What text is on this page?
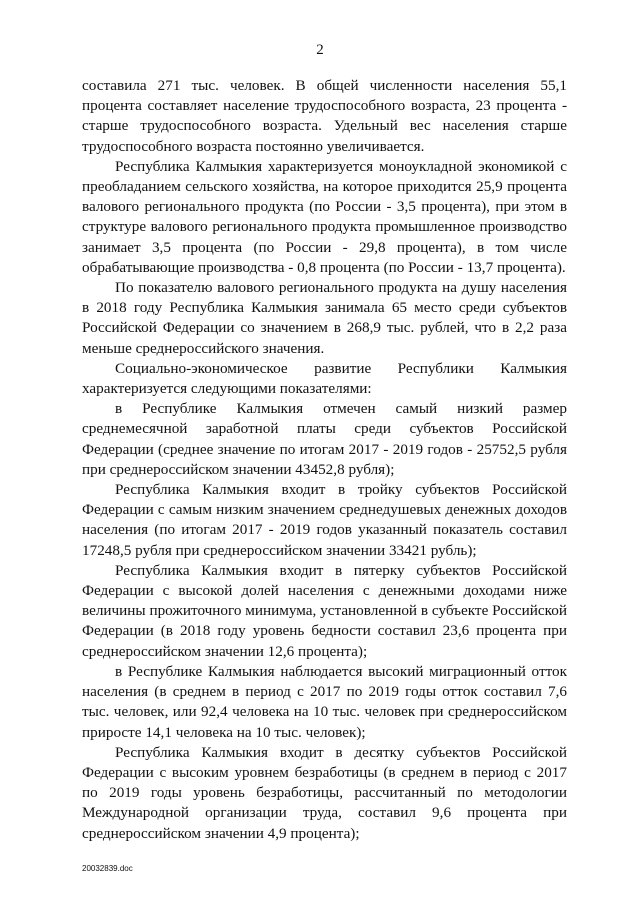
2

составила 271 тыс. человек. В общей численности населения 55,1 процента составляет население трудоспособного возраста, 23 процента - старше трудоспособного возраста. Удельный вес населения старше трудоспособного возраста постоянно увеличивается.

Республика Калмыкия характеризуется моноукладной экономикой с преобладанием сельского хозяйства, на которое приходится 25,9 процента валового регионального продукта (по России - 3,5 процента), при этом в структуре валового регионального продукта промышленное производство занимает 3,5 процента (по России - 29,8 процента), в том числе обрабатывающие производства - 0,8 процента (по России - 13,7 процента).

По показателю валового регионального продукта на душу населения в 2018 году Республика Калмыкия занимала 65 место среди субъектов Российской Федерации со значением в 268,9 тыс. рублей, что в 2,2 раза меньше среднероссийского значения.

Социально-экономическое развитие Республики Калмыкия характеризуется следующими показателями:

в Республике Калмыкия отмечен самый низкий размер среднемесячной заработной платы среди субъектов Российской Федерации (среднее значение по итогам 2017 - 2019 годов - 25752,5 рубля при среднероссийском значении 43452,8 рубля);

Республика Калмыкия входит в тройку субъектов Российской Федерации с самым низким значением среднедушевых денежных доходов населения (по итогам 2017 - 2019 годов указанный показатель составил 17248,5 рубля при среднероссийском значении 33421 рубль);

Республика Калмыкия входит в пятерку субъектов Российской Федерации с высокой долей населения с денежными доходами ниже величины прожиточного минимума, установленной в субъекте Российской Федерации (в 2018 году уровень бедности составил 23,6 процента при среднероссийском значении 12,6 процента);

в Республике Калмыкия наблюдается высокий миграционный отток населения (в среднем в период с 2017 по 2019 годы отток составил 7,6 тыс. человек, или 92,4 человека на 10 тыс. человек при среднероссийском приросте 14,1 человека на 10 тыс. человек);

Республика Калмыкия входит в десятку субъектов Российской Федерации с высоким уровнем безработицы (в среднем в период с 2017 по 2019 годы уровень безработицы, рассчитанный по методологии Международной организации труда, составил 9,6 процента при среднероссийском значении 4,9 процента);

20032839.doc
